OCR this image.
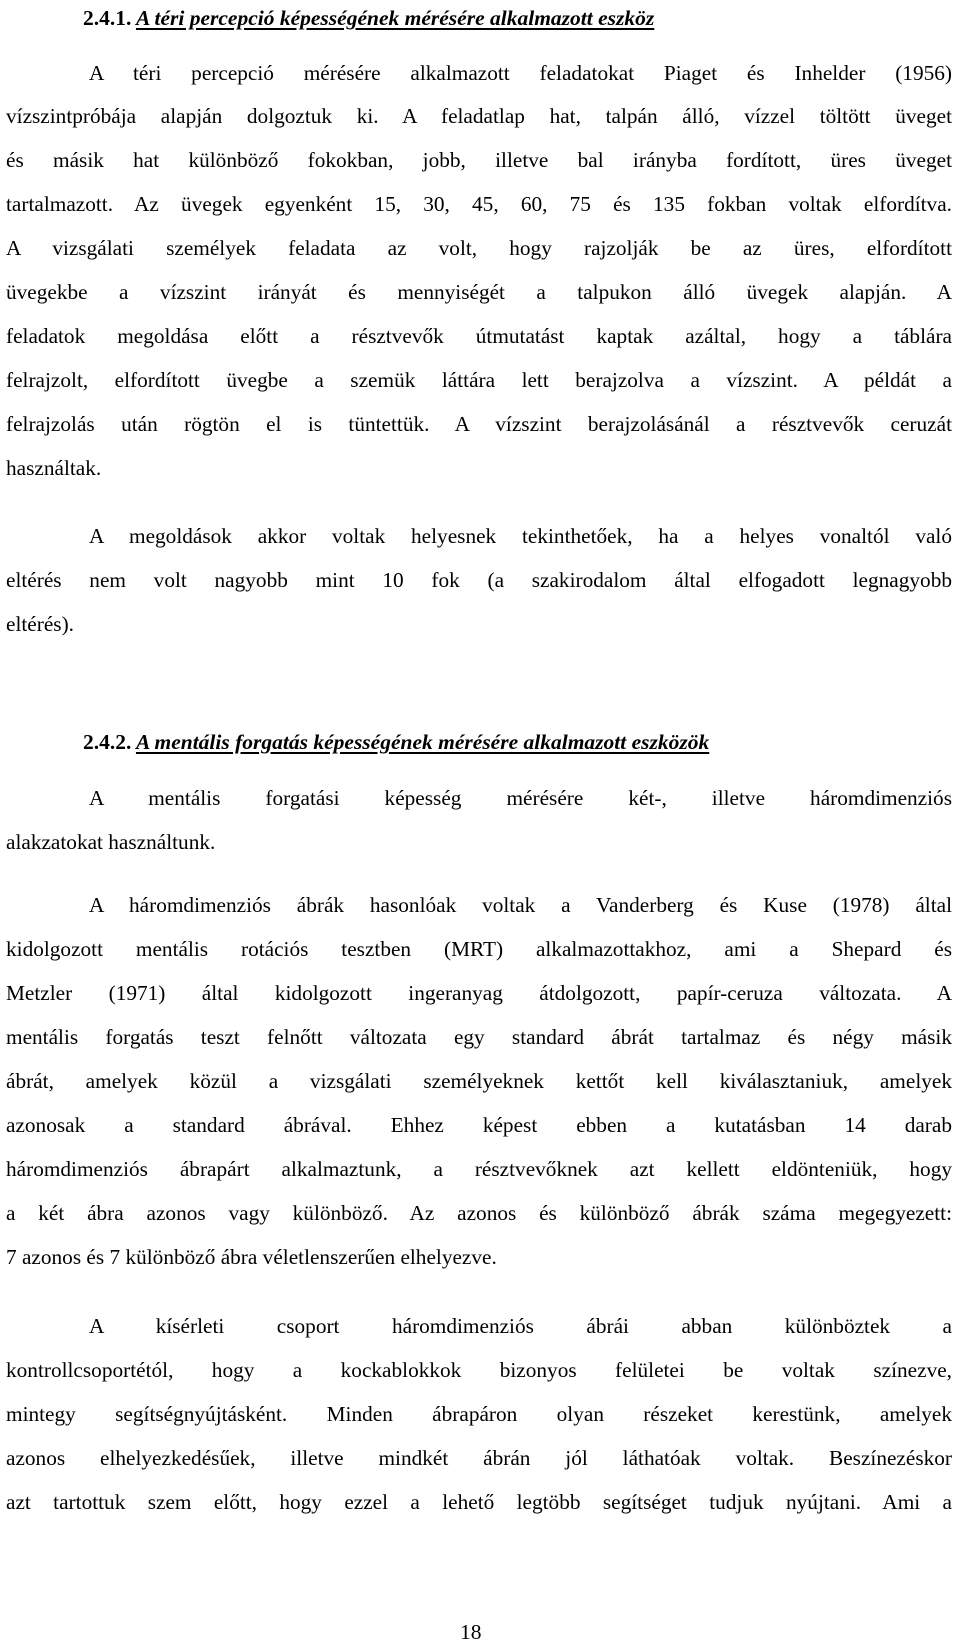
2.4.1. A téri percepció képességének mérésére alkalmazott eszköz
A téri percepció mérésére alkalmazott feladatokat Piaget és Inhelder (1956)
vízszintpróbája alapján dolgoztuk ki. A feladatlap hat, talpán álló, vízzel töltött üveget
és másik hat különböző fokokban, jobb, illetve bal irányba fordított, üres üveget
tartalmazott. Az üvegek egyenként 15, 30, 45, 60, 75 és 135 fokban voltak elfordítva.
A vizsgálati személyek feladata az volt, hogy rajzolják be az üres, elfordított
üvegekbe a vízszint irányát és mennyiségét a talpukon álló üvegek alapján. A
feladatok megoldása előtt a résztvevők útmutatást kaptak azáltal, hogy a táblára
felrajzolt, elfordított üvegbe a szemük láttára lett berajzolva a vízszint. A példát a
felrajzolás után rögtön el is tüntettük. A vízszint berajzolásánál a résztvevők ceruzát
használtak.
A megoldások akkor voltak helyesnek tekinthetőek, ha a helyes vonaltól való
eltérés nem volt nagyobb mint 10 fok (a szakirodalom által elfogadott legnagyobb
eltérés).
2.4.2. A mentális forgatás képességének mérésére alkalmazott eszközök
A mentális forgatási képesség mérésére két-, illetve háromdimenziós
alakzatokat használtunk.
A háromdimenziós ábrák hasonlóak voltak a Vanderberg és Kuse (1978) által
kidolgozott mentális rotációs tesztben (MRT) alkalmazottakhoz, ami a Shepard és
Metzler (1971) által kidolgozott ingeranyag átdolgozott, papír-ceruza változata. A
mentális forgatás teszt felnőtt változata egy standard ábrát tartalmaz és négy másik
ábrát, amelyek közül a vizsgálati személyeknek kettőt kell kiválasztaniuk, amelyek
azonosak a standard ábrával. Ehhez képest ebben a kutatásban 14 darab
háromdimenziós ábrapárt alkalmaztunk, a résztvevőknek azt kellett eldönteniük, hogy
a két ábra azonos vagy különböző. Az azonos és különböző ábrák száma megegyezett:
7 azonos és 7 különböző ábra véletlenszerűen elhelyezve.
A kísérleti csoport háromdimenziós ábrái abban különböztek a
kontrollcsoportétól, hogy a kockablokkok bizonyos felületei be voltak színezve,
mintegy segítségnyújtásként. Minden ábrapáron olyan részeket kerestünk, amelyek
azonos elhelyezkedésűek, illetve mindkét ábrán jól láthatóak voltak. Beszínezéskor
azt tartottuk szem előtt, hogy ezzel a lehető legtöbb segítséget tudjuk nyújtani. Ami a
18
